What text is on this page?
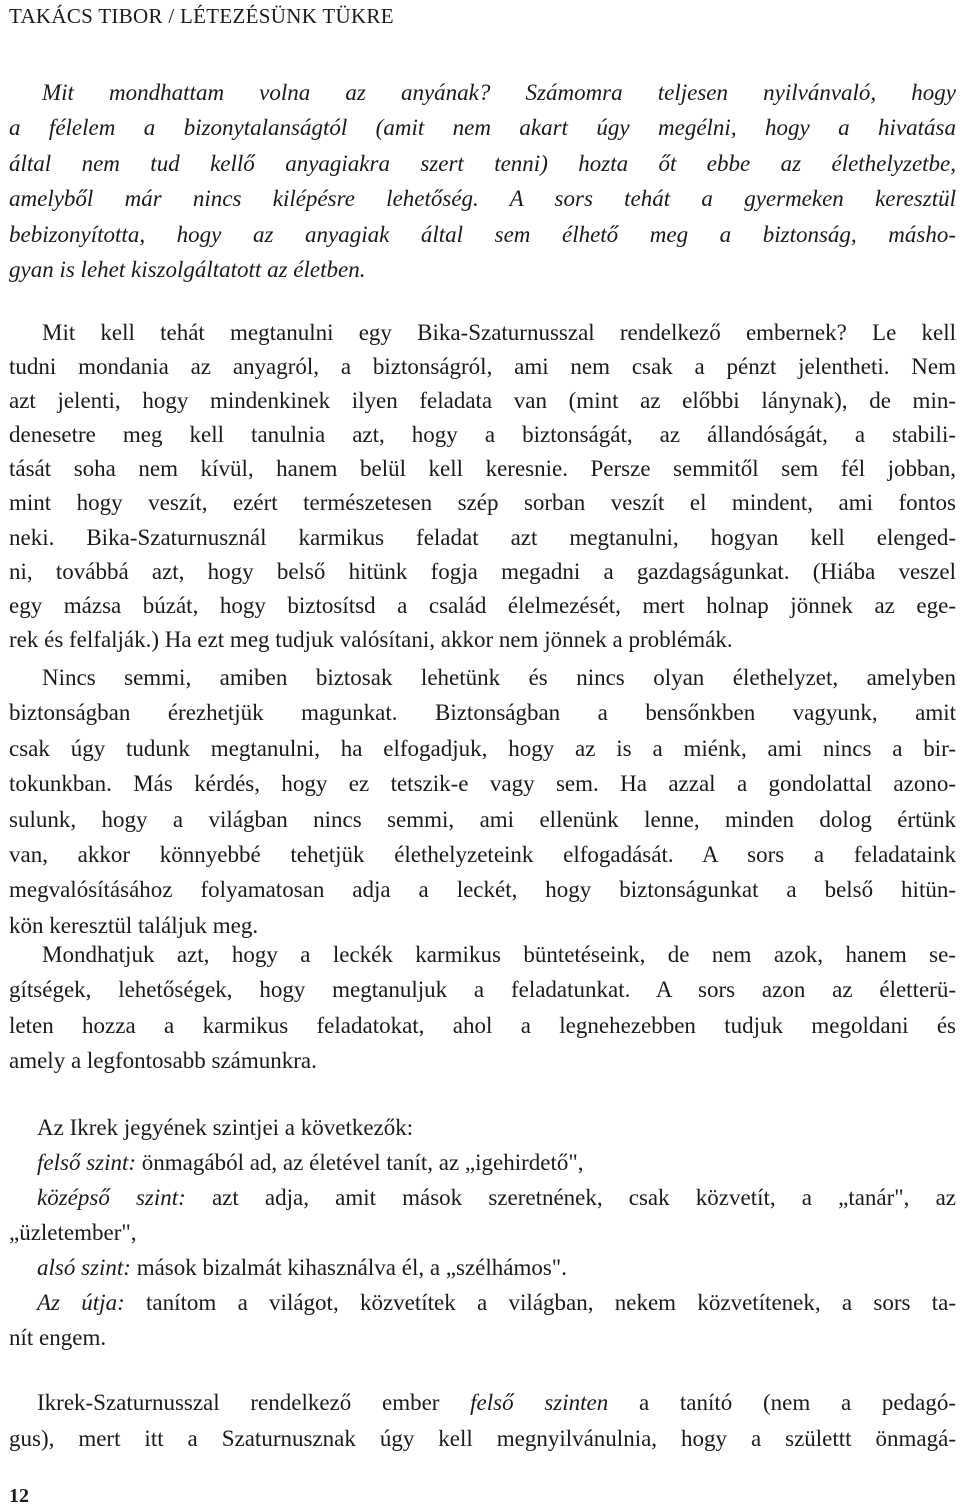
TAKÁCS TIBOR / LÉTEZÉSÜNK TÜKRE
Mit mondhattam volna az anyának? Számomra teljesen nyilvánvaló, hogy
a félelem a bizonytalanságtól (amit nem akart úgy megélni, hogy a hivatása
által nem tud kellő anyagiakra szert tenni) hozta őt ebbe az élethelyzetbe,
amelyből már nincs kilépésre lehetőség. A sors tehát a gyermeken keresztül
bebizonyította, hogy az anyagiak által sem élhető meg a biztonság, másho-
gyan is lehet kiszolgáltatott az életben.
Mit kell tehát megtanulni egy Bika-Szaturnusszal rendelkező embernek? Le kell
tudni mondania az anyagról, a biztonságról, ami nem csak a pénzt jelentheti. Nem
azt jelenti, hogy mindenkinek ilyen feladata van (mint az előbbi lánynak), de min-
denesetre meg kell tanulnia azt, hogy a biztonságát, az állandóságát, a stabili-
tását soha nem kívül, hanem belül kell keresnie. Persze semmitől sem fél jobban,
mint hogy veszít, ezért természetesen szép sorban veszít el mindent, ami fontos
neki. Bika-Szaturnusznál karmikus feladat azt megtanulni, hogyan kell elenged-
ni, továbbá azt, hogy belső hitünk fogja megadni a gazdagságunkat. (Hiába veszel
egy mázsa búzát, hogy biztosítsd a család élelmezését, mert holnap jönnek az ege-
rek és felfalják.) Ha ezt meg tudjuk valósítani, akkor nem jönnek a problémák.
Nincs semmi, amiben biztosak lehetünk és nincs olyan élethelyzet, amelyben
biztonságban érezhetjük magunkat. Biztonságban a bensőnkben vagyunk, amit
csak úgy tudunk megtanulni, ha elfogadjuk, hogy az is a miénk, ami nincs a bir-
tokunkban. Más kérdés, hogy ez tetszik-e vagy sem. Ha azzal a gondolattal azono-
sulunk, hogy a világban nincs semmi, ami ellenünk lenne, minden dolog értünk
van, akkor könnyebbé tehetjük élethelyzeteink elfogadását. A sors a feladataink
megvalósításához folyamatosan adja a leckét, hogy biztonságunkat a belső hitün-
kön keresztül találjuk meg.
Mondhatjuk azt, hogy a leckék karmikus büntetéseink, de nem azok, hanem se-
gítségek, lehetőségek, hogy megtanuljuk a feladatunkat. A sors azon az életterü-
leten hozza a karmikus feladatokat, ahol a legnehezebben tudjuk megoldani és
amely a legfontosabb számunkra.
Az Ikrek jegyének szintjei a következők:
felső szint: önmagából ad, az életével tanít, az „igehirdető",
középső szint: azt adja, amit mások szeretnének, csak közvetít, a „tanár", az
„üzletember",
alsó szint: mások bizalmát kihasználva él, a „szélhámos".
Az útja: tanítom a világot, közvetítek a világban, nekem közvetítenek, a sors ta-
nít engem.
Ikrek-Szaturnusszal rendelkező ember felső szinten a tanító (nem a pedagó-
gus), mert itt a Szaturnusznak úgy kell megnyilvánulnia, hogy a születtt önmagá-
12
